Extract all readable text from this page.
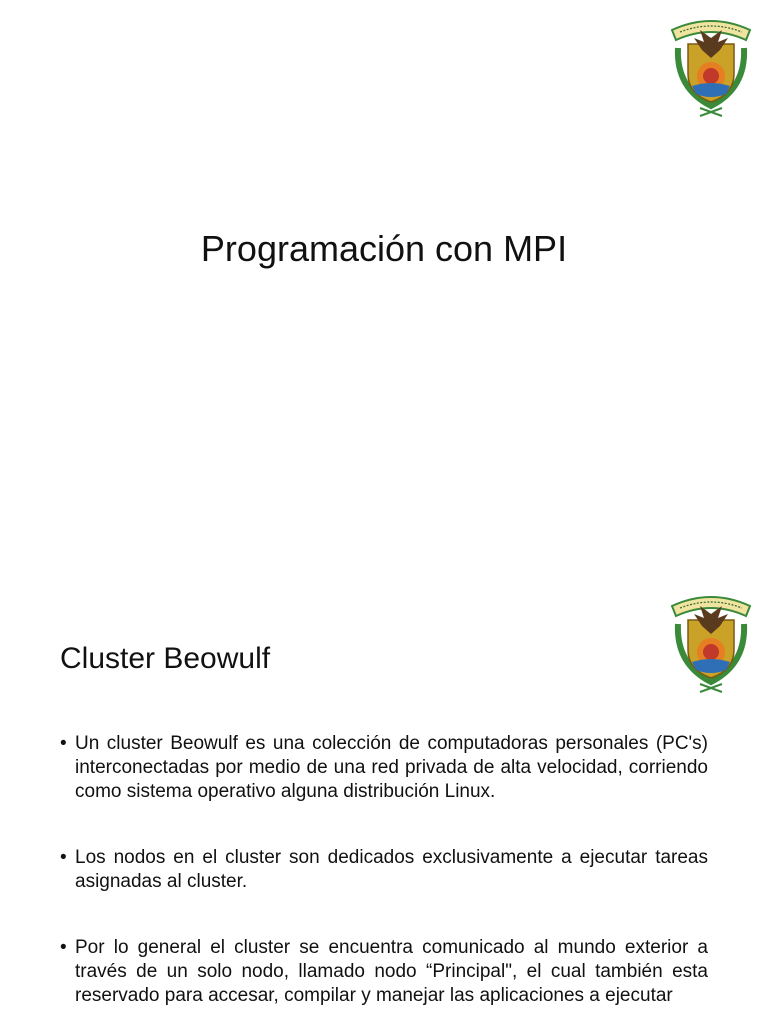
Programación con MPI
Cluster Beowulf
• Un cluster Beowulf es una colección de computadoras personales (PC's) interconectadas por medio de una red privada de alta velocidad, corriendo como sistema operativo alguna distribución Linux.
• Los nodos en el cluster son dedicados exclusivamente a ejecutar tareas asignadas al cluster.
• Por lo general el cluster se encuentra comunicado al mundo exterior a través de un solo nodo, llamado nodo “Principal", el cual también esta reservado para accesar, compilar y manejar las aplicaciones a ejecutar
